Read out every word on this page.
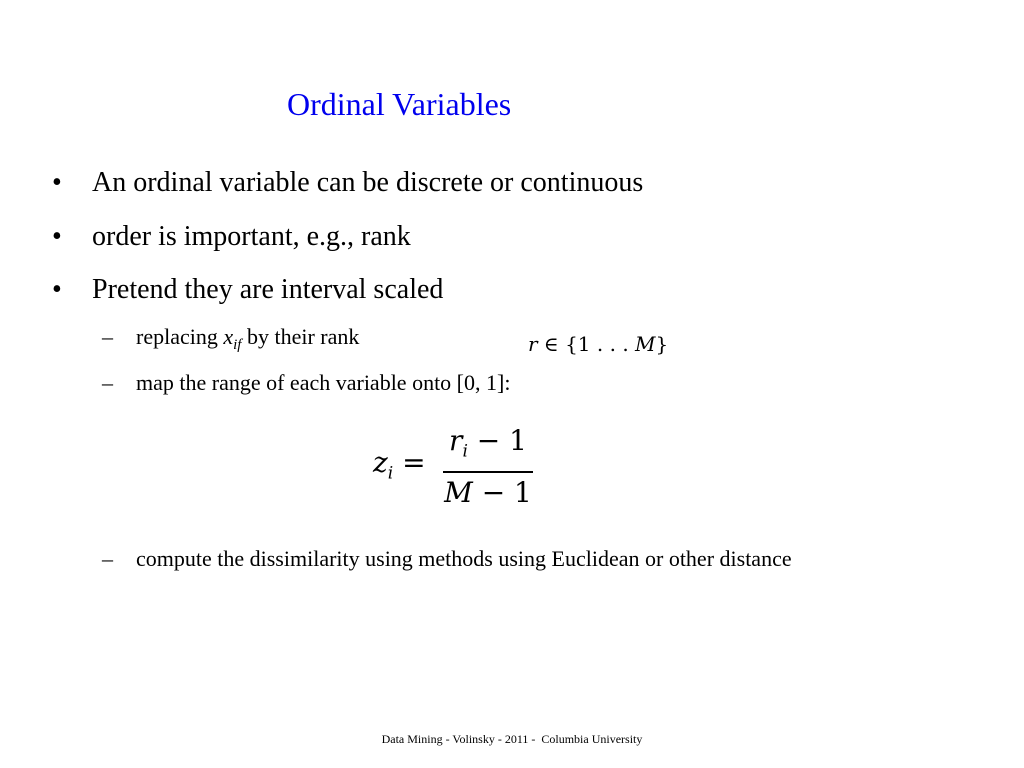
Ordinal Variables
• An ordinal variable can be discrete or continuous
• order is important, e.g., rank
• Pretend they are interval scaled
– replacing $x_{if}$ by their rank	r ∈ {1 . . . M}
– map the range of each variable onto [0, 1]:
$z_i$ =
$r_i - 1$
M − 1
– compute the dissimilarity using methods using Euclidean or other distance
Data Mining - Volinsky - 2011 -  Columbia University
